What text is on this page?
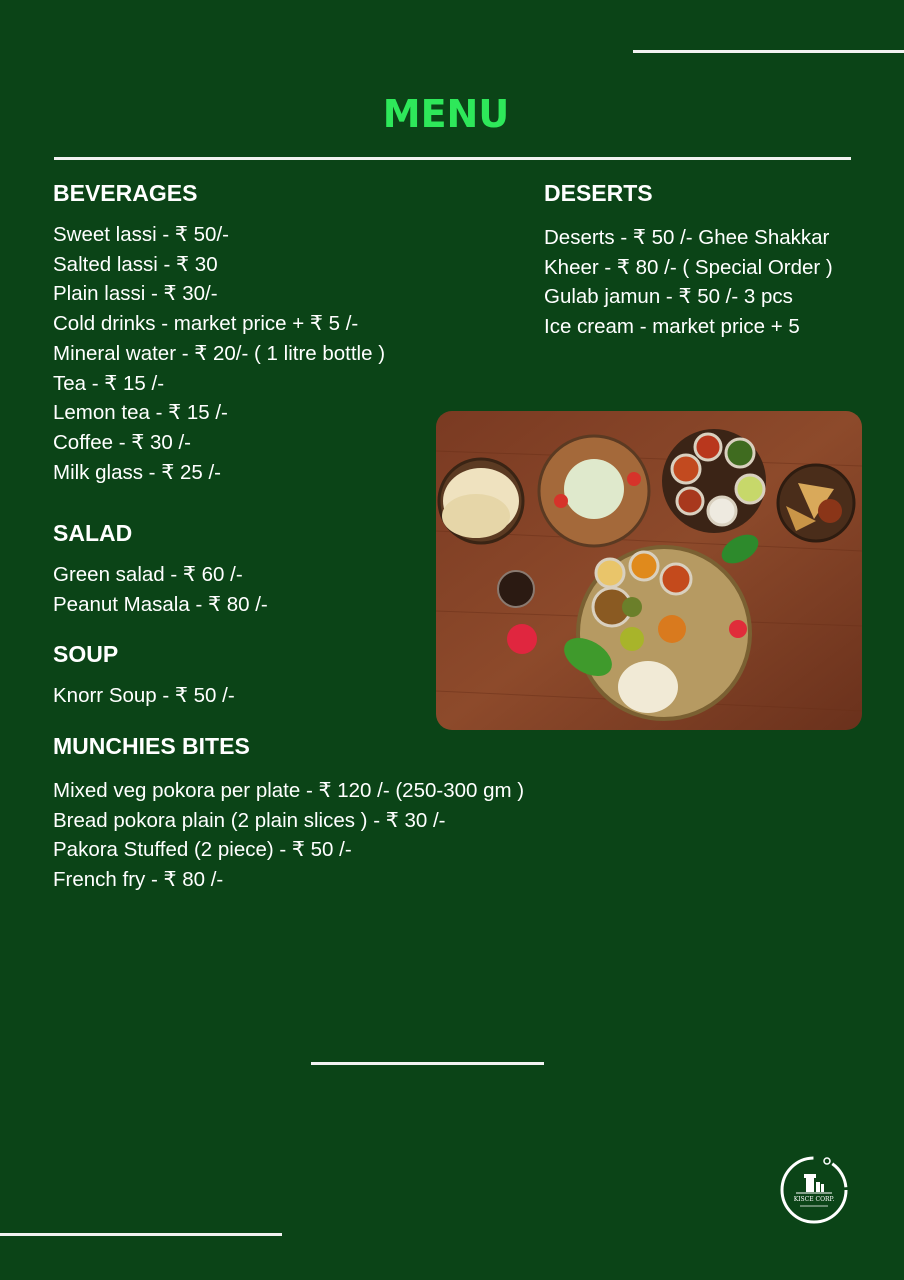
MENU
BEVERAGES
Sweet lassi - ₹ 50/-
Salted lassi - ₹ 30
Plain lassi - ₹ 30/-
Cold drinks - market price + ₹ 5 /-
Mineral water - ₹ 20/- ( 1 litre bottle )
Tea - ₹ 15 /-
Lemon tea - ₹ 15 /-
Coffee - ₹ 30 /-
Milk glass - ₹ 25 /-
DESERTS
Deserts - ₹ 50 /- Ghee Shakkar
Kheer - ₹ 80 /- ( Special Order )
Gulab jamun - ₹ 50 /- 3 pcs
Ice cream - market price + 5
SALAD
Green salad - ₹ 60 /-
Peanut Masala - ₹ 80 /-
SOUP
Knorr Soup - ₹ 50 /-
MUNCHIES BITES
Mixed veg pokora per plate - ₹ 120 /- (250-300 gm )
Bread pokora plain (2 plain slices ) - ₹ 30 /-
Pakora Stuffed (2 piece) - ₹ 50 /-
French fry - ₹ 80 /-
KISCE CORP.
